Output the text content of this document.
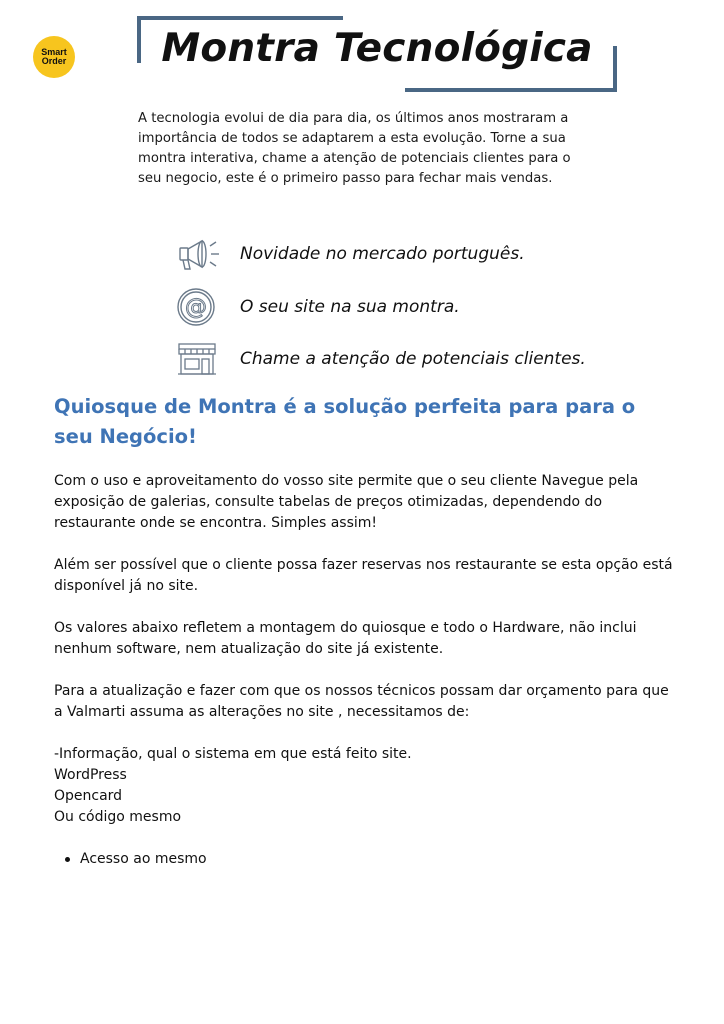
Smart
Order	Montra Tecnológica

A tecnologia evolui de dia para dia, os últimos anos mostraram a importância de todos se adaptarem a esta evolução. Torne a sua montra interativa, chame a atenção de potenciais clientes para o seu negocio, este é o primeiro passo para fechar mais vendas.

Novidade no mercado português.
@ O seu site na sua montra.
Chame a atenção de potenciais clientes.
Quiosque de Montra é a solução perfeita para para o seu Negócio!

Com o uso e aproveitamento do vosso site permite que o seu cliente Navegue pela exposição de galerias, consulte tabelas de preços otimizadas, dependendo do restaurante onde se encontra. Simples assim!

Além ser possível que o cliente possa fazer reservas nos restaurante se esta opção está disponível já no site.

Os valores abaixo refletem a montagem do quiosque e todo o Hardware, não inclui nenhum software, nem atualização do site já existente.

Para a atualização e fazer com que os nossos técnicos possam dar orçamento para que a Valmarti assuma as alterações no site , necessitamos de:

-Informação, qual o sistema em que está feito site.

WordPress

Opencard

Ou código mesmo

Acesso ao mesmo
